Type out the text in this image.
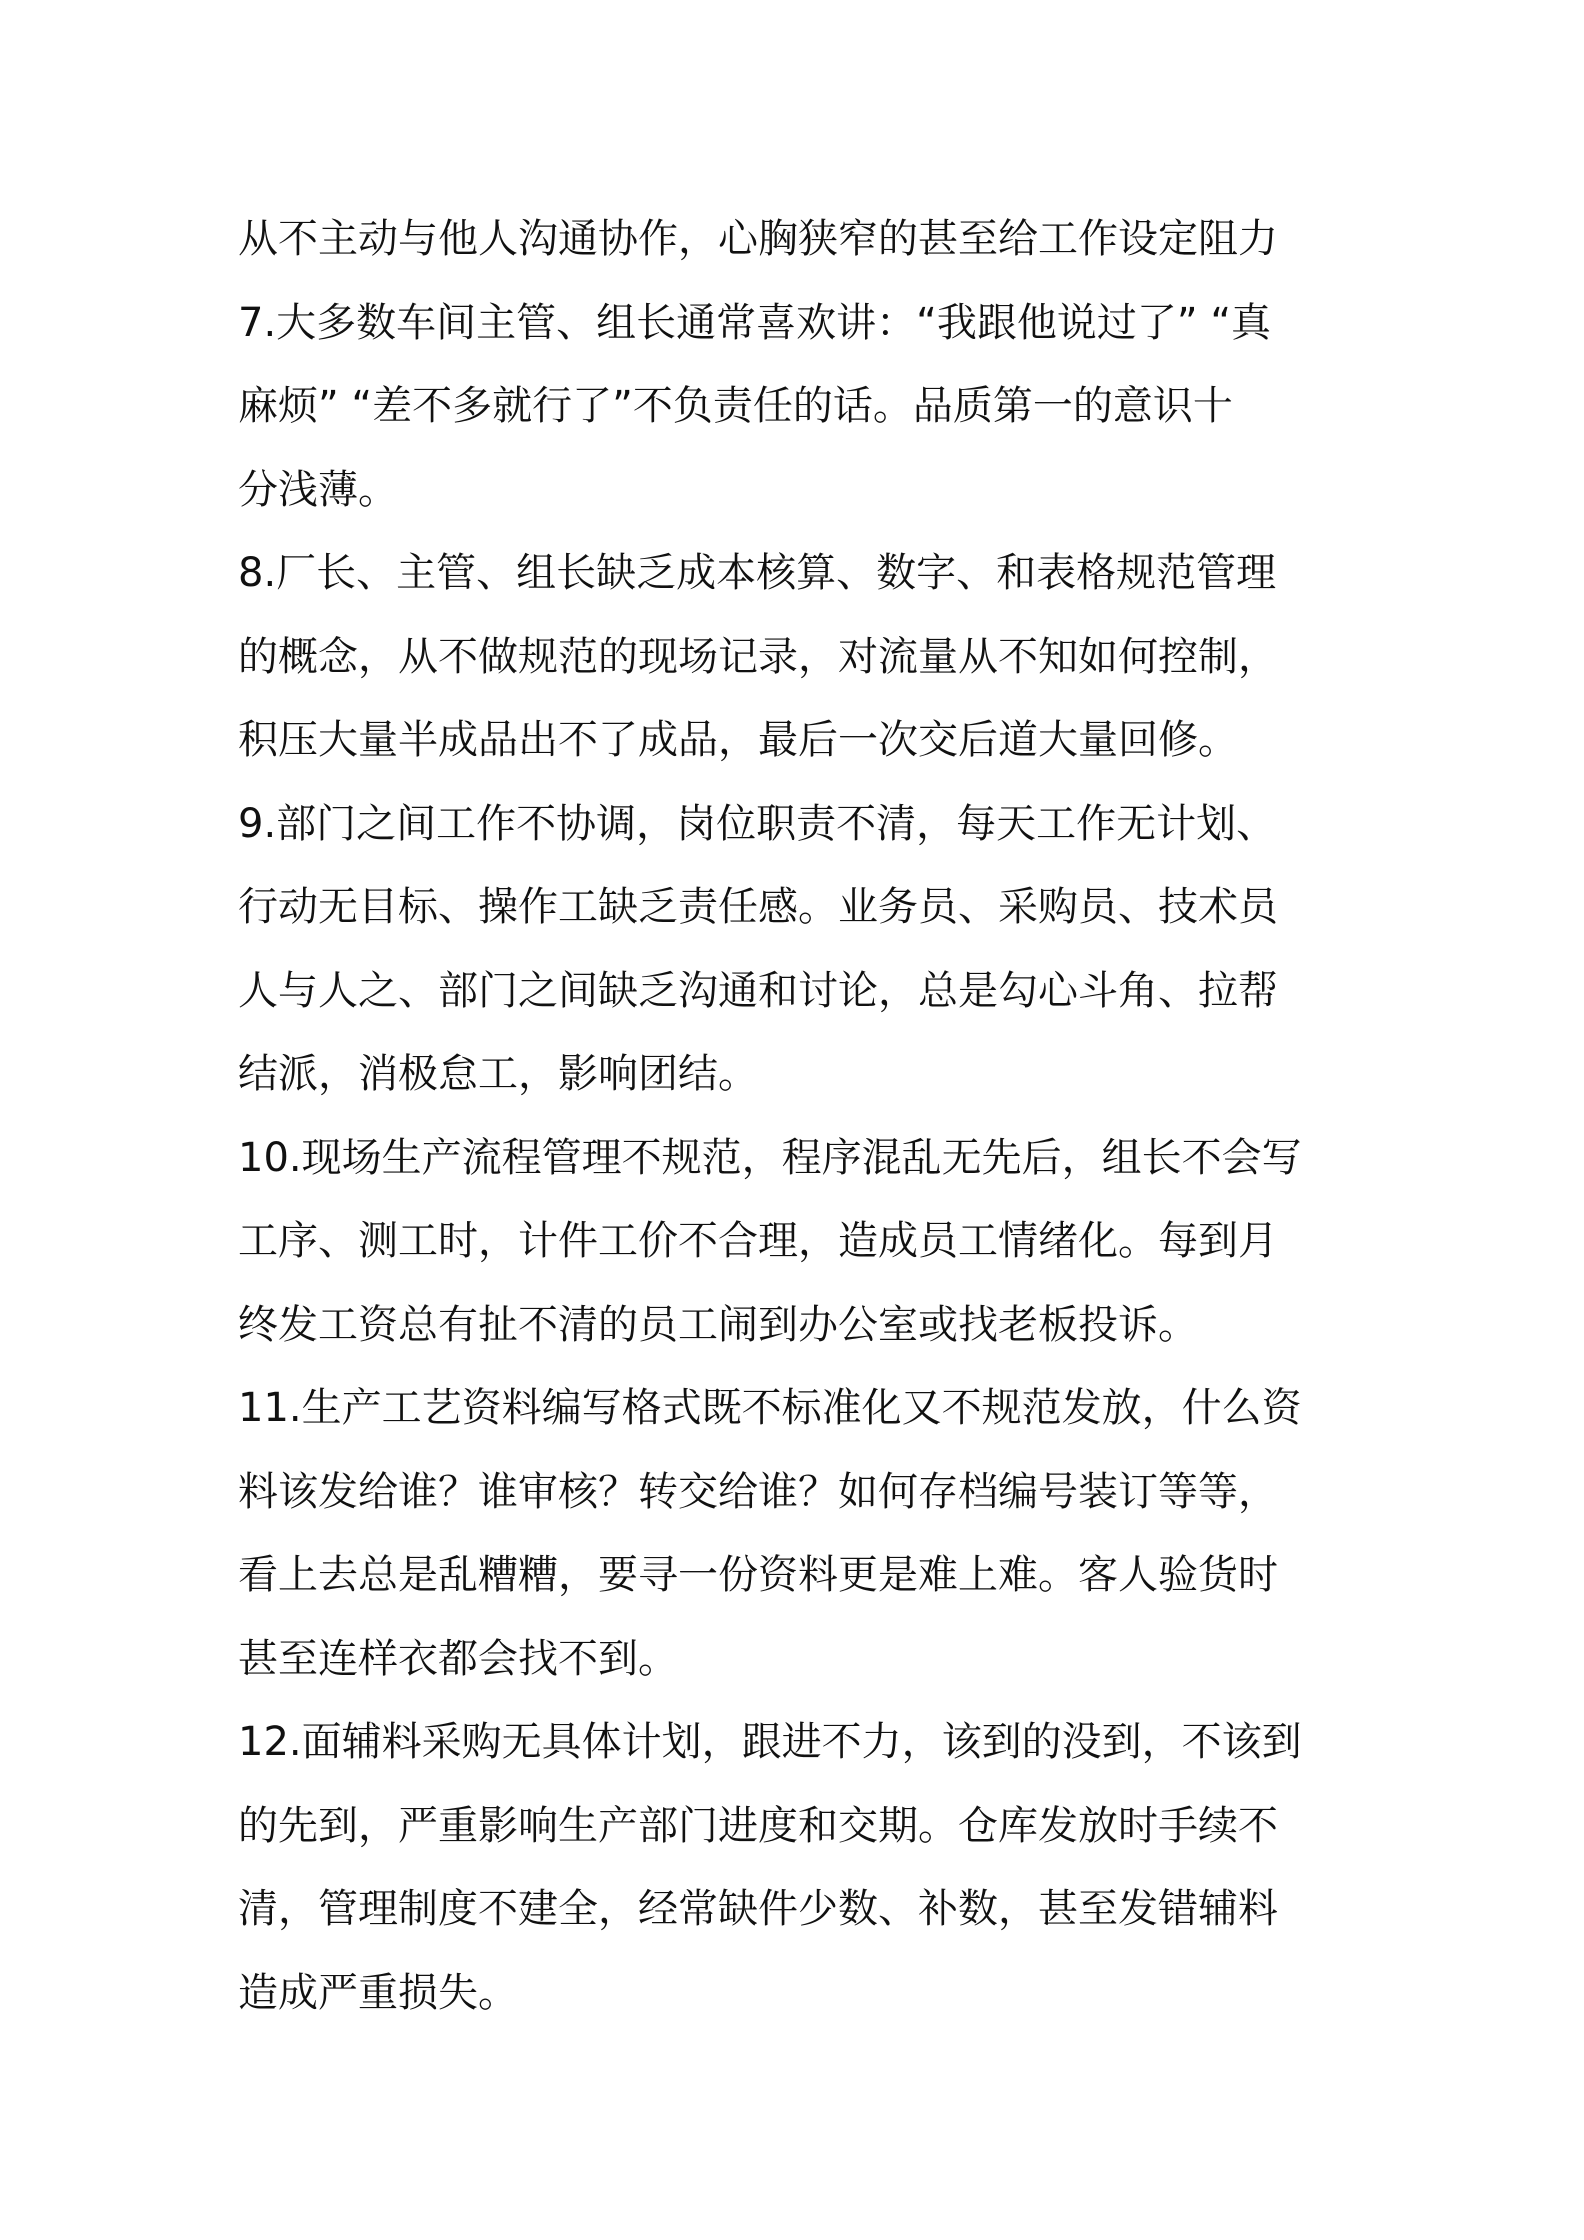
从不主动与他人沟通协作，心胸狭窄的甚至给工作设定阻力
7.大多数车间主管、组长通常喜欢讲：“我跟他说过了” “真
麻烦” “差不多就行了”不负责任的话。品质第一的意识十
分浅薄。
8.厂长、主管、组长缺乏成本核算、数字、和表格规范管理
的概念，从不做规范的现场记录，对流量从不知如何控制，
积压大量半成品出不了成品，最后一次交后道大量回修。
9.部门之间工作不协调，岗位职责不清，每天工作无计划、
行动无目标、操作工缺乏责任感。业务员、采购员、技术员
人与人之、部门之间缺乏沟通和讨论，总是勾心斗角、拉帮
结派，消极怠工，影响团结。
10.现场生产流程管理不规范，程序混乱无先后，组长不会写
工序、测工时，计件工价不合理，造成员工情绪化。每到月
终发工资总有扯不清的员工闹到办公室或找老板投诉。
11.生产工艺资料编写格式既不标准化又不规范发放，什么资
料该发给谁？谁审核？转交给谁？如何存档编号装订等等，
看上去总是乱糟糟，要寻一份资料更是难上难。客人验货时
甚至连样衣都会找不到。
12.面辅料采购无具体计划，跟进不力，该到的没到，不该到
的先到，严重影响生产部门进度和交期。仓库发放时手续不
清，管理制度不建全，经常缺件少数、补数，甚至发错辅料
造成严重损失。
